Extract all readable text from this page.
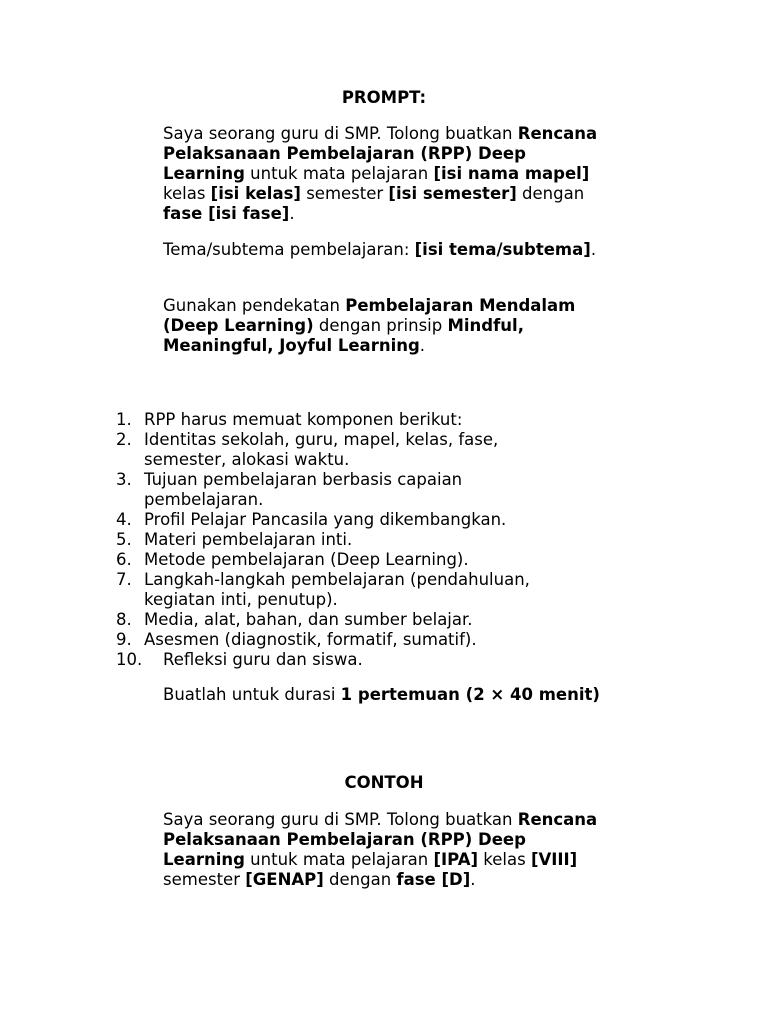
PROMPT:

Saya seorang guru di SMP. Tolong buatkan Rencana Pelaksanaan Pembelajaran (RPP) Deep Learning untuk mata pelajaran [isi nama mapel] kelas [isi kelas] semester [isi semester] dengan fase [isi fase].

Tema/subtema pembelajaran: [isi tema/subtema].

Gunakan pendekatan Pembelajaran Mendalam (Deep Learning) dengan prinsip Mindful, Meaningful, Joyful Learning.

1. RPP harus memuat komponen berikut:
2. Identitas sekolah, guru, mapel, kelas, fase, semester, alokasi waktu.
3. Tujuan pembelajaran berbasis capaian pembelajaran.
4. Profil Pelajar Pancasila yang dikembangkan.
5. Materi pembelajaran inti.
6. Metode pembelajaran (Deep Learning).
7. Langkah-langkah pembelajaran (pendahuluan, kegiatan inti, penutup).
8. Media, alat, bahan, dan sumber belajar.
9. Asesmen (diagnostik, formatif, sumatif).
10. Refleksi guru dan siswa.

Buatlah untuk durasi 1 pertemuan (2 × 40 menit)

CONTOH

Saya seorang guru di SMP. Tolong buatkan Rencana Pelaksanaan Pembelajaran (RPP) Deep Learning untuk mata pelajaran [IPA] kelas [VIII] semester [GENAP] dengan fase [D].
